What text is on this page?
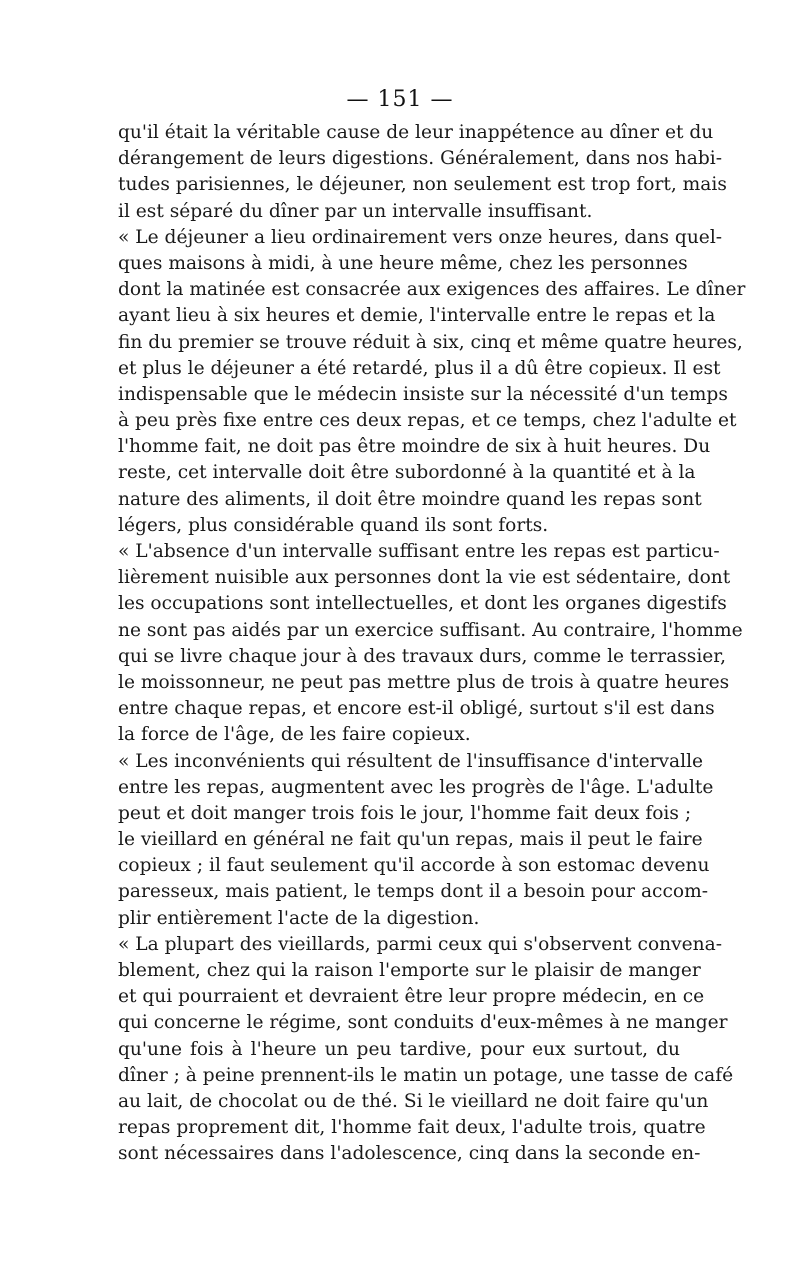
— 151 —
qu'il était la véritable cause de leur inappétence au dîner et du
dérangement de leurs digestions. Généralement, dans nos habi-
tudes parisiennes, le déjeuner, non seulement est trop fort, mais
il est séparé du dîner par un intervalle insuffisant.
« Le déjeuner a lieu ordinairement vers onze heures, dans quel-
ques maisons à midi, à une heure même, chez les personnes
dont la matinée est consacrée aux exigences des affaires. Le dîner
ayant lieu à six heures et demie, l'intervalle entre le repas et la
fin du premier se trouve réduit à six, cinq et même quatre heures,
et plus le déjeuner a été retardé, plus il a dû être copieux. Il est
indispensable que le médecin insiste sur la nécessité d'un temps
à peu près fixe entre ces deux repas, et ce temps, chez l'adulte et
l'homme fait, ne doit pas être moindre de six à huit heures. Du
reste, cet intervalle doit être subordonné à la quantité et à la
nature des aliments, il doit être moindre quand les repas sont
légers, plus considérable quand ils sont forts.
« L'absence d'un intervalle suffisant entre les repas est particu-
lièrement nuisible aux personnes dont la vie est sédentaire, dont
les occupations sont intellectuelles, et dont les organes digestifs
ne sont pas aidés par un exercice suffisant. Au contraire, l'homme
qui se livre chaque jour à des travaux durs, comme le terrassier,
le moissonneur, ne peut pas mettre plus de trois à quatre heures
entre chaque repas, et encore est-il obligé, surtout s'il est dans
la force de l'âge, de les faire copieux.
« Les inconvénients qui résultent de l'insuffisance d'intervalle
entre les repas, augmentent avec les progrès de l'âge. L'adulte
peut et doit manger trois fois le jour, l'homme fait deux fois ;
le vieillard en général ne fait qu'un repas, mais il peut le faire
copieux ; il faut seulement qu'il accorde à son estomac devenu
paresseux, mais patient, le temps dont il a besoin pour accom-
plir entièrement l'acte de la digestion.
« La plupart des vieillards, parmi ceux qui s'observent convena-
blement, chez qui la raison l'emporte sur le plaisir de manger
et qui pourraient et devraient être leur propre médecin, en ce
qui concerne le régime, sont conduits d'eux-mêmes à ne manger
qu'une fois à l'heure un peu tardive, pour eux surtout, du
dîner ; à peine prennent-ils le matin un potage, une tasse de café
au lait, de chocolat ou de thé. Si le vieillard ne doit faire qu'un
repas proprement dit, l'homme fait deux, l'adulte trois, quatre
sont nécessaires dans l'adolescence, cinq dans la seconde en-
